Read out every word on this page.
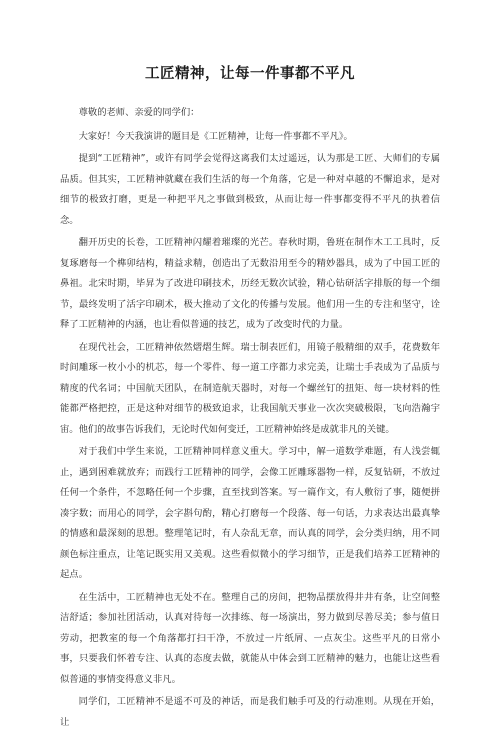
工匠精神，让每一件事都不平凡
尊敬的老师、亲爱的同学们：
大家好！今天我演讲的题目是《工匠精神，让每一件事都不平凡》。
提到“工匠精神”，或许有同学会觉得这离我们太过遥远，认为那是工匠、大师们的专属品质。但其实，工匠精神就藏在我们生活的每一个角落，它是一种对卓越的不懈追求，是对细节的极致打磨，更是一种把平凡之事做到极致，从而让每一件事都变得不平凡的执着信念。
翻开历史的长卷，工匠精神闪耀着璀璨的光芒。春秋时期，鲁班在制作木工工具时，反复琢磨每一个榫卯结构，精益求精，创造出了无数沿用至今的精妙器具，成为了中国工匠的鼻祖。北宋时期，毕昇为了改进印刷技术，历经无数次试验，精心钻研活字排版的每一个细节，最终发明了活字印刷术，极大推动了文化的传播与发展。他们用一生的专注和坚守，诠释了工匠精神的内涵，也让看似普通的技艺，成为了改变时代的力量。
在现代社会，工匠精神依然熠熠生辉。瑞士制表匠们，用镜子般精细的双手，花费数年时间雕琢一枚小小的机芯，每一个零件、每一道工序都力求完美，让瑞士手表成为了品质与精度的代名词；中国航天团队，在制造航天器时，对每一个螺丝钉的扭矩、每一块材料的性能都严格把控，正是这种对细节的极致追求，让我国航天事业一次次突破极限，飞向浩瀚宇宙。他们的故事告诉我们，无论时代如何变迁，工匠精神始终是成就非凡的关键。
对于我们中学生来说，工匠精神同样意义重大。学习中，解一道数学难题，有人浅尝辄止，遇到困难就放弃；而践行工匠精神的同学，会像工匠雕琢器物一样，反复钻研，不放过任何一个条件，不忽略任何一个步骤，直至找到答案。写一篇作文，有人敷衍了事，随便拼凑字数；而用心的同学，会字斟句酌，精心打磨每一个段落、每一句话，力求表达出最真挚的情感和最深刻的思想。整理笔记时，有人杂乱无章，而认真的同学，会分类归纳，用不同颜色标注重点，让笔记既实用又美观。这些看似微小的学习细节，正是我们培养工匠精神的起点。
在生活中，工匠精神也无处不在。整理自己的房间，把物品摆放得井井有条，让空间整洁舒适；参加社团活动，认真对待每一次排练、每一场演出，努力做到尽善尽美；参与值日劳动，把教室的每一个角落都打扫干净，不放过一片纸屑、一点灰尘。这些平凡的日常小事，只要我们怀着专注、认真的态度去做，就能从中体会到工匠精神的魅力，也能让这些看似普通的事情变得意义非凡。
同学们，工匠精神不是遥不可及的神话，而是我们触手可及的行动准则。从现在开始，让
